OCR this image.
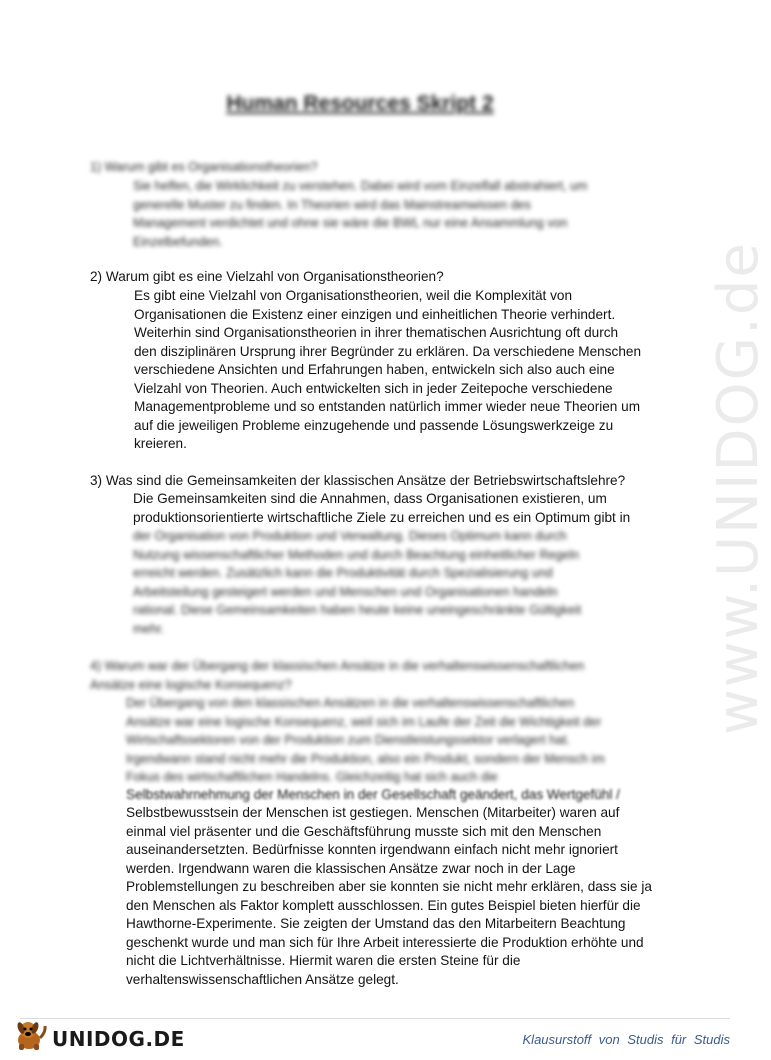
www.UNIDOG.de
Human Resources Skript 2
1) Warum gibt es Organisationstheorien?
Sie helfen, die Wirklichkeit zu verstehen. Dabei wird vom Einzelfall abstrahiert, um
generelle Muster zu finden. In Theorien wird das Mainstreamwissen des
Management verdichtet und ohne sie wäre die BWL nur eine Ansammlung von
Einzelbefunden.
2) Warum gibt es eine Vielzahl von Organisationstheorien?
Es gibt eine Vielzahl von Organisationstheorien, weil die Komplexität von
Organisationen die Existenz einer einzigen und einheitlichen Theorie verhindert.
Weiterhin sind Organisationstheorien in ihrer thematischen Ausrichtung oft durch
den disziplinären Ursprung ihrer Begründer zu erklären. Da verschiedene Menschen
verschiedene Ansichten und Erfahrungen haben, entwickeln sich also auch eine
Vielzahl von Theorien. Auch entwickelten sich in jeder Zeitepoche verschiedene
Managementprobleme und so entstanden natürlich immer wieder neue Theorien um
auf die jeweiligen Probleme einzugehende und passende Lösungswerkzeige zu
kreieren.
3) Was sind die Gemeinsamkeiten der klassischen Ansätze der Betriebswirtschaftslehre?
Die Gemeinsamkeiten sind die Annahmen, dass Organisationen existieren, um
produktionsorientierte wirtschaftliche Ziele zu erreichen und es ein Optimum gibt in
der Organisation von Produktion und Verwaltung. Dieses Optimum kann durch
Nutzung wissenschaftlicher Methoden und durch Beachtung einheitlicher Regeln
erreicht werden. Zusätzlich kann die Produktivität durch Spezialisierung und
Arbeitsteilung gesteigert werden und Menschen und Organisationen handeln
rational. Diese Gemeinsamkeiten haben heute keine uneingeschränkte Gültigkeit
mehr.
4) Warum war der Übergang der klassischen Ansätze in die verhaltenswissenschaftlichen
Ansätze eine logische Konsequenz?
Der Übergang von den klassischen Ansätzen in die verhaltenswissenschaftlichen
Ansätze war eine logische Konsequenz, weil sich im Laufe der Zeit die Wichtigkeit der
Wirtschaftssektoren von der Produktion zum Dienstleistungssektor verlagert hat.
Irgendwann stand nicht mehr die Produktion, also ein Produkt, sondern der Mensch im
Fokus des wirtschaftlichen Handelns. Gleichzeitig hat sich auch die
Selbstwahrnehmung der Menschen in der Gesellschaft geändert, das Wertgefühl /
Selbstbewusstsein der Menschen ist gestiegen. Menschen (Mitarbeiter) waren auf
einmal viel präsenter und die Geschäftsführung musste sich mit den Menschen
auseinandersetzten. Bedürfnisse konnten irgendwann einfach nicht mehr ignoriert
werden. Irgendwann waren die klassischen Ansätze zwar noch in der Lage
Problemstellungen zu beschreiben aber sie konnten sie nicht mehr erklären, dass sie ja
den Menschen als Faktor komplett ausschlossen. Ein gutes Beispiel bieten hierfür die
Hawthorne-Experimente. Sie zeigten der Umstand das den Mitarbeitern Beachtung
geschenkt wurde und man sich für Ihre Arbeit interessierte die Produktion erhöhte und
nicht die Lichtverhältnisse. Hiermit waren die ersten Steine für die
verhaltenswissenschaftlichen Ansätze gelegt.
UNIDOG.DE	Klausurstoff von Studis für Studis
